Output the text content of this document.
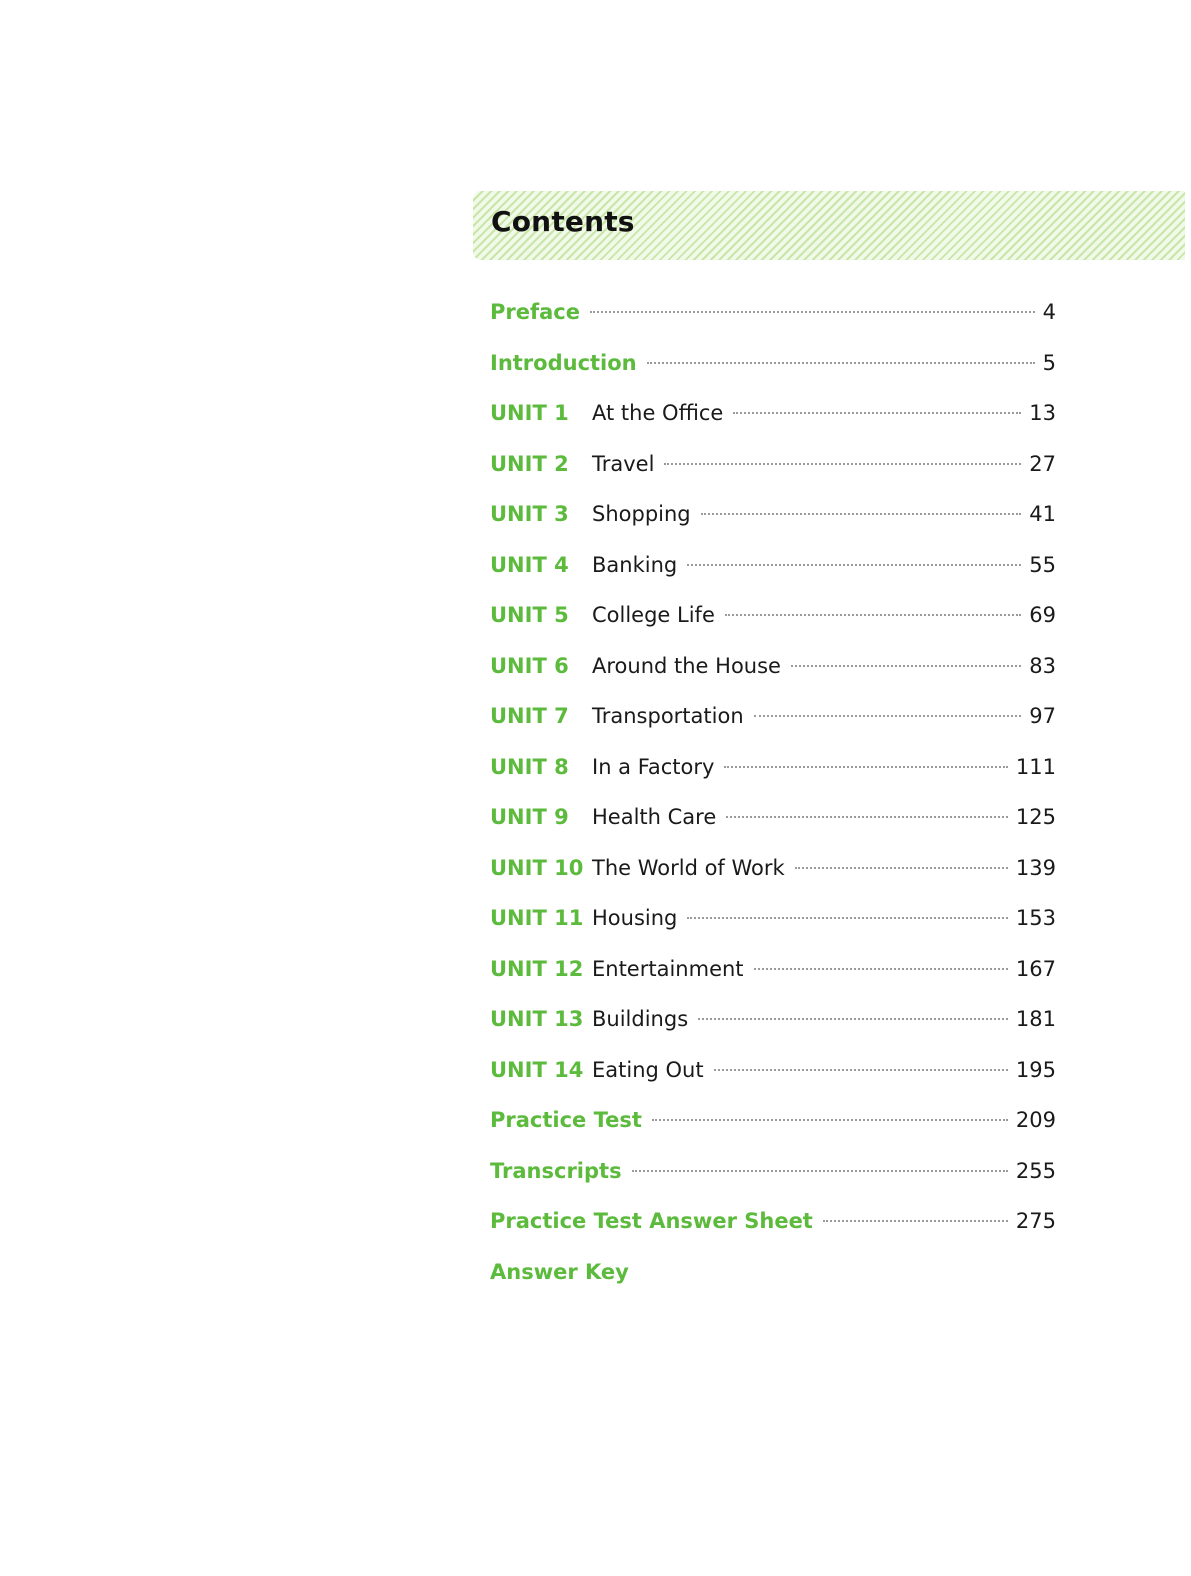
Contents
Preface	4
Introduction	5
UNIT 1	At the Office	13
UNIT 2	Travel	27
UNIT 3	Shopping	41
UNIT 4	Banking	55
UNIT 5	College Life	69
UNIT 6	Around the House	83
UNIT 7	Transportation	97
UNIT 8	In a Factory	111
UNIT 9	Health Care	125
UNIT 10 The World of Work	139
UNIT 11 Housing	153
UNIT 12 Entertainment	167
UNIT 13 Buildings	181
UNIT 14 Eating Out	195
Practice Test	209
Transcripts	255
Practice Test Answer Sheet	275
Answer Key
